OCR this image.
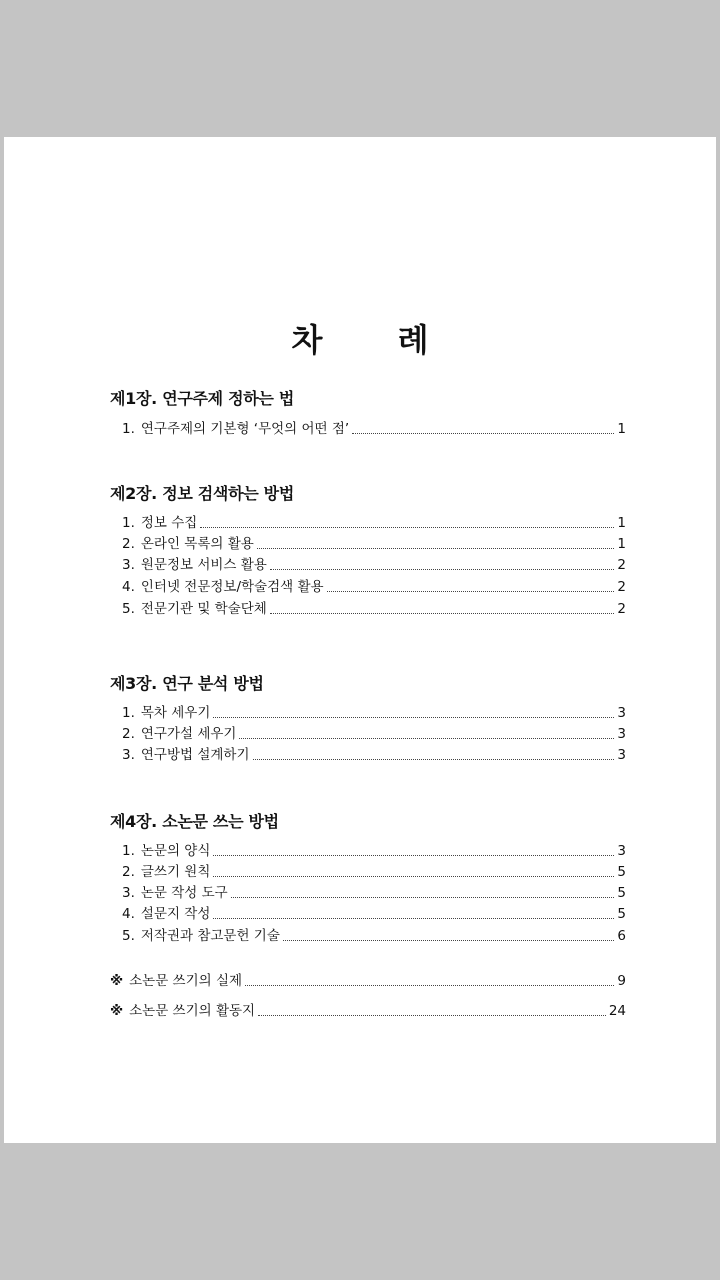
차 례
제1장. 연구주제 정하는 법
1. 연구주제의 기본형 ‘무엇의 어떤 점’	1
제2장. 정보 검색하는 방법
1. 정보 수집	1
2. 온라인 목록의 활용	1
3. 원문정보 서비스 활용	2
4. 인터넷 전문정보/학술검색 활용	2
5. 전문기관 및 학술단체	2
제3장. 연구 분석 방법
1. 목차 세우기	3
2. 연구가설 세우기	3
3. 연구방법 설계하기	3
제4장. 소논문 쓰는 방법
1. 논문의 양식	3
2. 글쓰기 원칙	5
3. 논문 작성 도구	5
4. 설문지 작성	5
5. 저작권과 참고문헌 기술	6
※ 소논문 쓰기의 실제	9
※ 소논문 쓰기의 활동지	24
